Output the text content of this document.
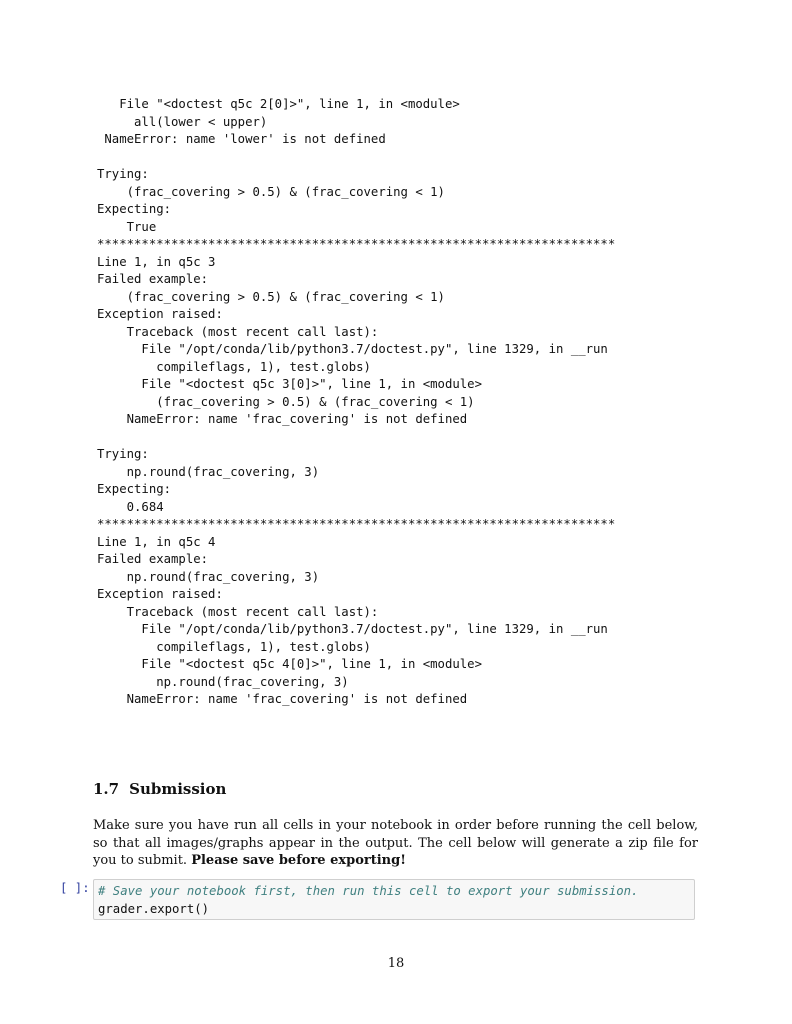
File "<doctest q5c 2[0]>", line 1, in <module>
all(lower < upper)
NameError: name 'lower' is not defined
Trying:
(frac_covering > 0.5) & (frac_covering < 1)
Expecting:
True
**********************************************************************
Line 1, in q5c 3
Failed example:
(frac_covering > 0.5) & (frac_covering < 1)
Exception raised:
Traceback (most recent call last):
File "/opt/conda/lib/python3.7/doctest.py", line 1329, in __run
compileflags, 1), test.globs)
File "<doctest q5c 3[0]>", line 1, in <module>
(frac_covering > 0.5) & (frac_covering < 1)
NameError: name 'frac_covering' is not defined
Trying:
np.round(frac_covering, 3)
Expecting:
0.684
**********************************************************************
Line 1, in q5c 4
Failed example:
np.round(frac_covering, 3)
Exception raised:
Traceback (most recent call last):
File "/opt/conda/lib/python3.7/doctest.py", line 1329, in __run
compileflags, 1), test.globs)
File "<doctest q5c 4[0]>", line 1, in <module>
np.round(frac_covering, 3)
NameError: name 'frac_covering' is not defined
1.7 Submission

Make sure you have run all cells in your notebook in order before running the cell below, so that all images/graphs appear in the output. The cell below will generate a zip file for you to submit. Please save before exporting!

[ ]: # Save your notebook first, then run this cell to export your submission.
grader.export()
18
